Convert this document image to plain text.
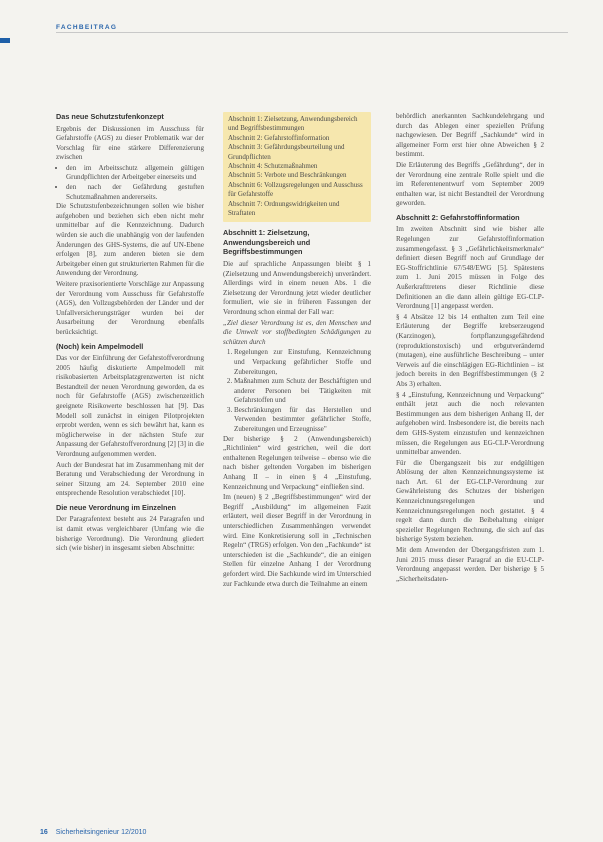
FACHBEITRAG
Das neue Schutzstufenkonzept

Ergebnis der Diskussionen im Ausschuss für Gefahrstoffe (AGS) zu dieser Problematik war der Vorschlag für eine stärkere Differenzierung zwischen

• den im Arbeitsschutz allgemein gültigen Grundpflichten der Arbeitgeber einerseits und
• den nach der Gefährdung gestuften Schutzmaßnahmen andererseits.

Die Schutzstufenbezeichnungen sollen wie bisher aufgehoben und beziehen sich eben nicht mehr unmittelbar auf die Kennzeichnung. Dadurch würden sie auch die unabhängig von der laufenden Änderungen des GHS-Systems, die auf UN-Ebene erfolgen [8], zum anderen bieten sie dem Arbeitgeber einen gut strukturierten Rahmen für die Anwendung der Verordnung.

Weitere praxisorientierte Vorschläge zur Anpassung der Verordnung vom Ausschuss für Gefahrstoffe (AGS), den Vollzugsbehörden der Länder und der Unfallversicherungsträger wurden bei der Ausarbeitung der Verordnung ebenfalls berücksichtigt.

(Noch) kein Ampelmodell

Das vor der Einführung der Gefahrstoffverordnung 2005 häufig diskutierte Ampelmodell mit risikobasierten Arbeitsplatzgrenzwerten ist nicht Bestandteil der neuen Verordnung geworden, da es noch für Gefahrstoffe (AGS) zwischenzeitlich geeignete Risikowerte beschlossen hat [9]. Das Modell soll zunächst in einigen Pilotprojekten erprobt werden, wenn es sich bewährt hat, kann es möglicherweise in der nächsten Stufe zur Anpassung der Gefahrstoffverordnung [2] [3] in die Verordnung aufgenommen werden.

Auch der Bundesrat hat im Zusammenhang mit der Beratung und Verabschiedung der Verordnung in seiner Sitzung am 24. September 2010 eine entsprechende Resolution verabschiedet [10].

Die neue Verordnung im Einzelnen

Der Paragrafentext besteht aus 24 Paragrafen und ist damit etwas vergleichbarer (Umfang wie die bisherige Verordnung). Die Verordnung gliedert sich (wie bisher) in insgesamt sieben Abschnitte:

Abschnitt 1: Zielsetzung, Anwendungsbereich und Begriffsbestimmungen
Abschnitt 2: Gefahrstoffinformation
Abschnitt 3: Gefährdungsbeurteilung und Grundpflichten
Abschnitt 4: Schutzmaßnahmen
Abschnitt 5: Verbote und Beschränkungen
Abschnitt 6: Vollzugsregelungen und Ausschuss für Gefahrstoffe
Abschnitt 7: Ordnungswidrigkeiten und Straftaten
Abschnitt 1: Zielsetzung, Anwendungsbereich und Begriffsbestimmungen

Die auf sprachliche Anpassungen bleibt § 1 (Zielsetzung und Anwendungsbereich) unverändert. Allerdings wird in einem neuen Abs. 1 die Zielsetzung der Verordnung jetzt wieder deutlicher formuliert, wie sie in früheren Fassungen der Verordnung schon einmal der Fall war:

„Ziel dieser Verordnung ist es, den Menschen und die Umwelt vor stoffbedingten Schädigungen zu schützen durch

1. Regelungen zur Einstufung, Kennzeichnung und Verpackung gefährlicher Stoffe und Zubereitungen,
2. Maßnahmen zum Schutz der Beschäftigten und anderer Personen bei Tätigkeiten mit Gefahrstoffen und
3. Beschränkungen für das Herstellen und Verwenden bestimmter gefährlicher Stoffe, Zubereitungen und Erzeugnisse"

Der bisherige § 2 (Anwendungsbereich) „Richtlinien“ wird gestrichen, weil die dort enthaltenen Regelungen teilweise – ebenso wie die nach bisher geltenden Vorgaben im bisherigen Anhang II – in einen § 4 „Einstufung, Kennzeichnung und Verpackung“ einfließen sind.

Im (neuen) § 2 „Begriffsbestimmungen“ wird der Begriff „Ausbildung“ im allgemeinen Fazit erläutert, weil dieser Begriff in der Verordnung in unterschiedlichen Zusammenhängen verwendet wird. Eine Konkretisierung soll in „Technischen Regeln“ (TRGS) erfolgen. Von den „Fachkunde“ ist unterschieden ist die „Sachkunde“, die an einigen Stellen für einzelne Anhang I der Verordnung gefordert wird. Die Sachkunde wird im Unterschied zur Fachkunde etwa durch die Teilnahme an einem

behördlich anerkannten Sachkundelehrgang und durch das Ablegen einer speziellen Prüfung nachgewiesen. Der Begriff „Sachkunde“ wird in allgemeiner Form erst hier ohne Abweichen § 2 bestimmt.

Die Erläuterung des Begriffs „Gefährdung“, der in der Verordnung eine zentrale Rolle spielt und die im Referentenentwurf vom September 2009 enthalten war, ist nicht Bestandteil der Verordnung geworden.

Abschnitt 2: Gefahrstoffinformation

Im zweiten Abschnitt sind wie bisher alle Regelungen zur Gefahrstoffinformation zusammengefasst. § 3 „Gefährlichkeitsmerkmale“ definiert diesen Begriff noch auf Grundlage der EG-Stoffrichtlinie 67/548/EWG [5]. Spätestens zum 1. Juni 2015 müssen in Folge des Außerkrafttretens dieser Richtlinie diese Definitionen an die dann allein gültige EG-CLP-Verordnung [1] angepasst werden.

§ 4 Absätze 12 bis 14 enthalten zum Teil eine Erläuterung der Begriffe krebserzeugend (Karzinogen), fortpflanzungsgefährdend (reproduktionstoxisch) und erbgutverändernd (mutagen), eine ausführliche Beschreibung – unter Verweis auf die einschlägigen EG-Richtlinien – ist jedoch bereits in den Begriffsbestimmungen (§ 2 Abs 3) erhalten.

§ 4 „Einstufung, Kennzeichnung und Verpackung“ enthält jetzt auch die noch relevanten Bestimmungen aus dem bisherigen Anhang II, der aufgehoben wird. Insbesondere ist, die bereits nach dem GHS-System einzustufen und kennzeichnen müssen, die Regelungen aus EG-CLP-Verordnung unmittelbar anwenden.

Für die Übergangszeit bis zur endgültigen Ablösung der alten Kennzeichnungssysteme ist nach Art. 61 der EG-CLP-Verordnung zur Gewährleistung des Schutzes der bisherigen Kennzeichnungsregelungen und Kennzeichnungsregelungen noch gestattet. § 4 regelt dann durch die Beibehaltung einiger spezieller Regelungen Rechnung, die sich auf das bisherige System beziehen.

Mit dem Anwenden der Übergangsfristen zum 1. Juni 2015 muss dieser Paragraf an die EU-CLP-Verordnung angepasst werden. Der bisherige § 5 „Sicherheitsdaten-

16 Sicherheitsingenieur 12/2010
